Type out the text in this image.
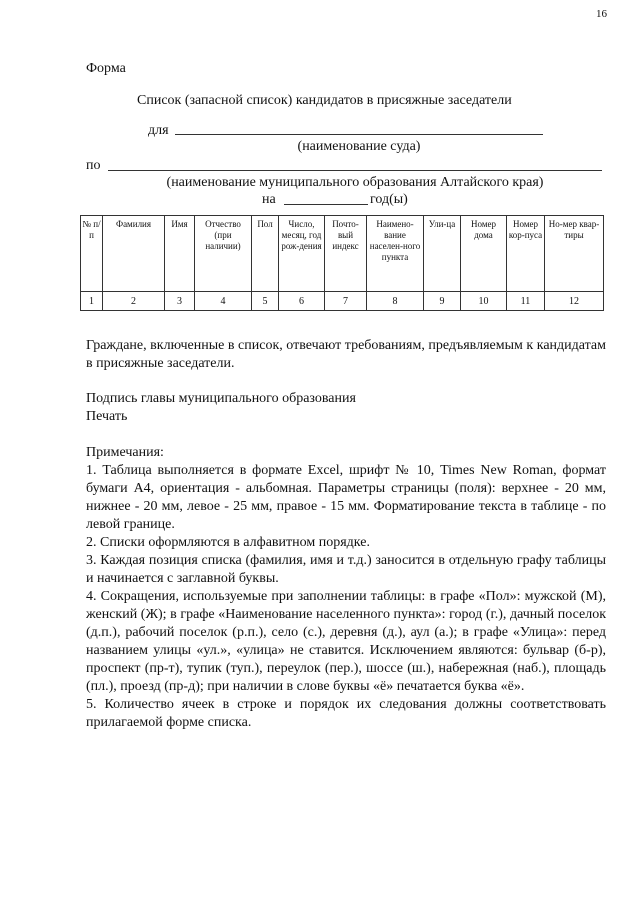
16
Форма
Список (запасной список) кандидатов в присяжные заседатели
для
(наименование суда)
по
(наименование муниципального образования Алтайского края)
на	год(ы)
№ п/п	Фамилия	Имя	Отчество (при наличии)	Пол	Число, месяц, год рож-дения	Почто-вый индекс	Наимено-вание населен-ного пункта	Ули-ца	Номер дома	Номер кор-пуса	Но-мер квар-тиры
1	2	3	4	5	6	7	8	9	10	11	12

Граждане, включенные в список, отвечают требованиям, предъявляемым к кандидатам в присяжные заседатели.

Подпись главы муниципального образования

Печать

Примечания:

1. Таблица выполняется в формате Excel, шрифт № 10, Times New Roman, формат бумаги А4, ориентация - альбомная. Параметры страницы (поля): верхнее - 20 мм, нижнее - 20 мм, левое - 25 мм, правое - 15 мм. Форматирование текста в таблице - по левой границе.

2. Списки оформляются в алфавитном порядке.

3. Каждая позиция списка (фамилия, имя и т.д.) заносится в отдельную графу таблицы и начинается с заглавной буквы.

4. Сокращения, используемые при заполнении таблицы: в графе «Пол»: мужской (М), женский (Ж); в графе «Наименование населенного пункта»: город (г.), дачный поселок (д.п.), рабочий поселок (р.п.), село (с.), деревня (д.), аул (а.); в графе «Улица»: перед названием улицы «ул.», «улица» не ставится. Исключением являются: бульвар (б-р), проспект (пр-т), тупик (туп.), переулок (пер.), шоссе (ш.), набережная (наб.), площадь (пл.), проезд (пр-д); при наличии в слове буквы «ё» печатается буква «ё».

5. Количество ячеек в строке и порядок их следования должны соответствовать прилагаемой форме списка.
